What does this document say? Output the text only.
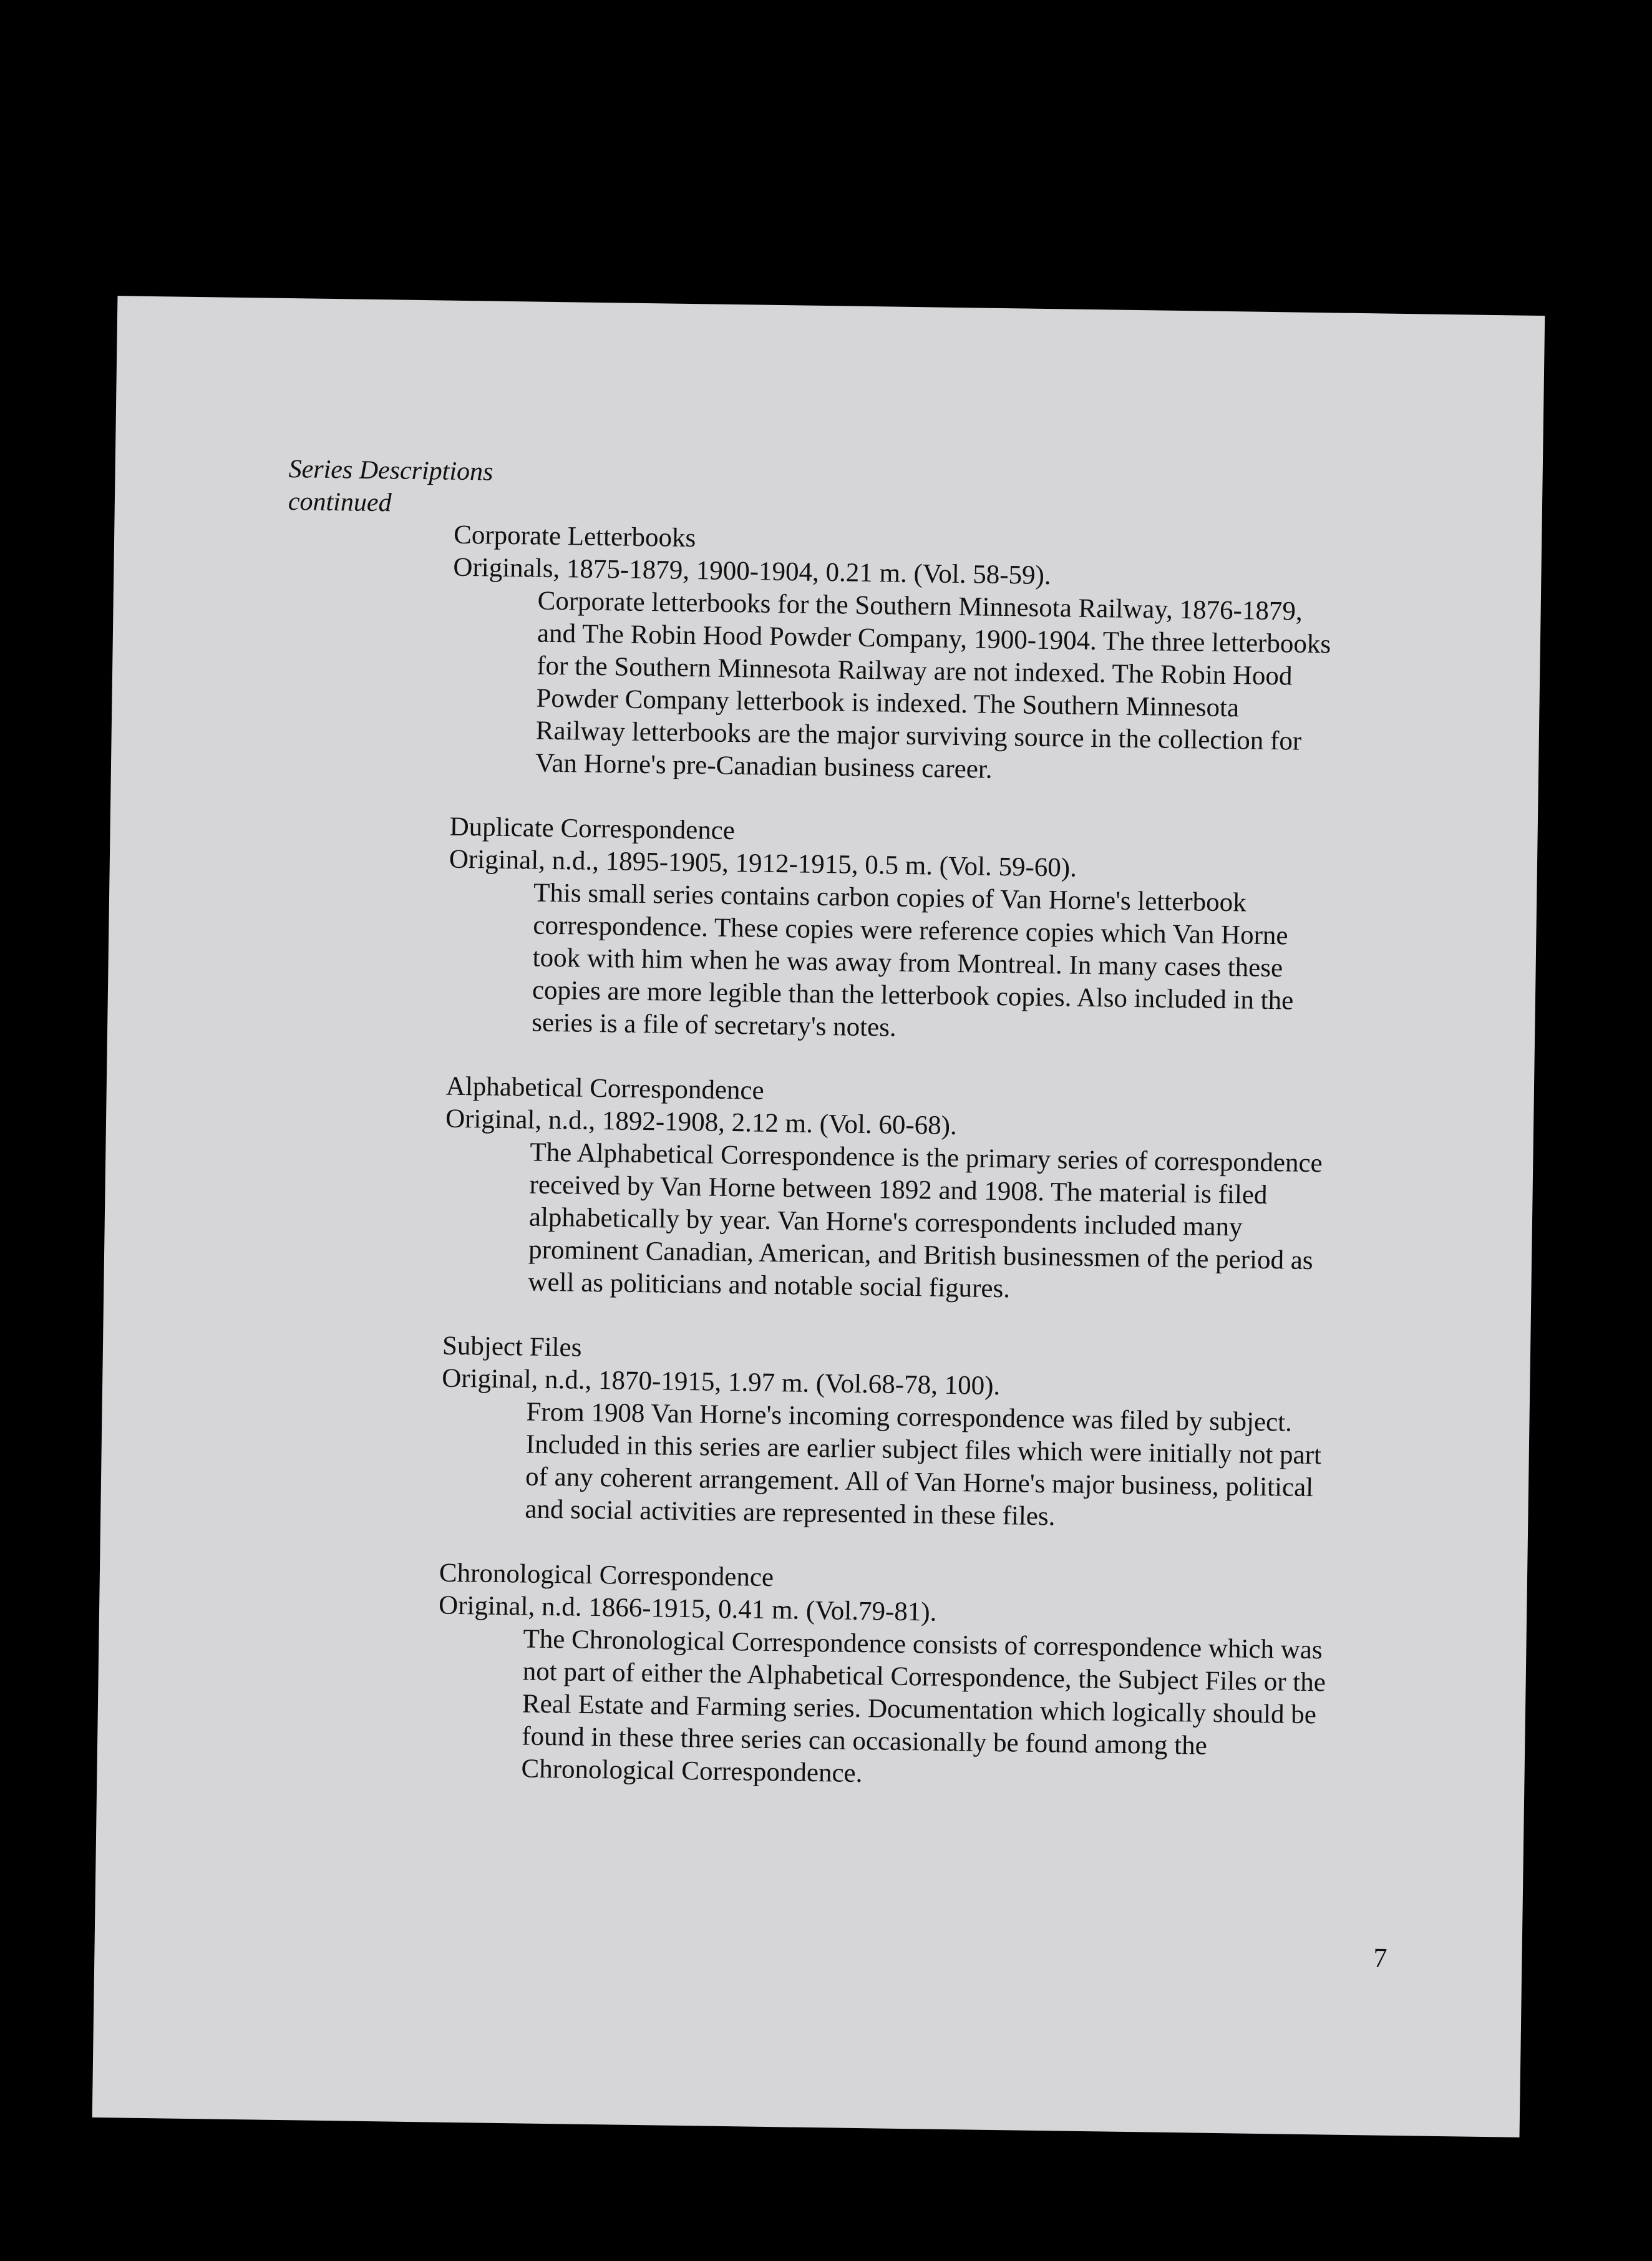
Series Descriptions
continued
Corporate Letterbooks
Originals, 1875-1879, 1900-1904, 0.21 m. (Vol. 58-59).
Corporate letterbooks for the Southern Minnesota Railway, 1876-1879,
and The Robin Hood Powder Company, 1900-1904. The three letterbooks
for the Southern Minnesota Railway are not indexed. The Robin Hood
Powder Company letterbook is indexed. The Southern Minnesota
Railway letterbooks are the major surviving source in the collection for
Van Horne's pre-Canadian business career.
Duplicate Correspondence
Original, n.d., 1895-1905, 1912-1915, 0.5 m. (Vol. 59-60).
This small series contains carbon copies of Van Horne's letterbook
correspondence. These copies were reference copies which Van Horne
took with him when he was away from Montreal. In many cases these
copies are more legible than the letterbook copies. Also included in the
series is a file of secretary's notes.
Alphabetical Correspondence
Original, n.d., 1892-1908, 2.12 m. (Vol. 60-68).
The Alphabetical Correspondence is the primary series of correspondence
received by Van Horne between 1892 and 1908. The material is filed
alphabetically by year. Van Horne's correspondents included many
prominent Canadian, American, and British businessmen of the period as
well as politicians and notable social figures.
Subject Files
Original, n.d., 1870-1915, 1.97 m. (Vol.68-78, 100).
From 1908 Van Horne's incoming correspondence was filed by subject.
Included in this series are earlier subject files which were initially not part
of any coherent arrangement. All of Van Horne's major business, political
and social activities are represented in these files.
Chronological Correspondence
Original, n.d. 1866-1915, 0.41 m. (Vol.79-81).
The Chronological Correspondence consists of correspondence which was
not part of either the Alphabetical Correspondence, the Subject Files or the
Real Estate and Farming series. Documentation which logically should be
found in these three series can occasionally be found among the
Chronological Correspondence.
7
